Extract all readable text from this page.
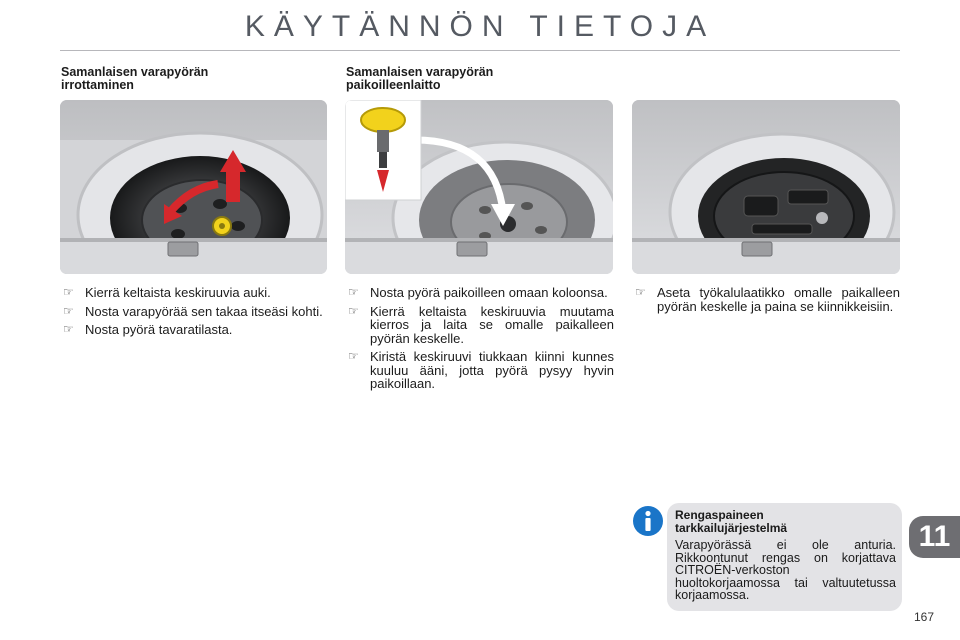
KÄYTÄNNÖN TIETOJA
Samanlaisen varapyörän
irrottaminen
Samanlaisen varapyörän
paikoilleenlaitto
☞ Kierrä keltaista keskiruuvia auki.
☞ Nosta varapyörää sen takaa itseäsi kohti.
☞ Nosta pyörä tavaratilasta.
☞ Nosta pyörä paikoilleen omaan koloonsa.
☞ Kierrä keltaista keskiruuvia muutama kierros ja laita se omalle paikalleen pyörän keskelle.
☞ Kiristä keskiruuvi tiukkaan kiinni kunnes kuuluu ääni, jotta pyörä pysyy hyvin paikoillaan.
☞ Aseta työkalulaatikko omalle paikalleen pyörän keskelle ja paina se kiinnikkeisiin.
Rengaspaineen
tarkkailujärjestelmä
Varapyörässä ei ole anturia. Rikkoontunut rengas on korjattava CITROËN-verkoston huoltokorjaamossa tai valtuutetussa korjaamossa.
11
167
